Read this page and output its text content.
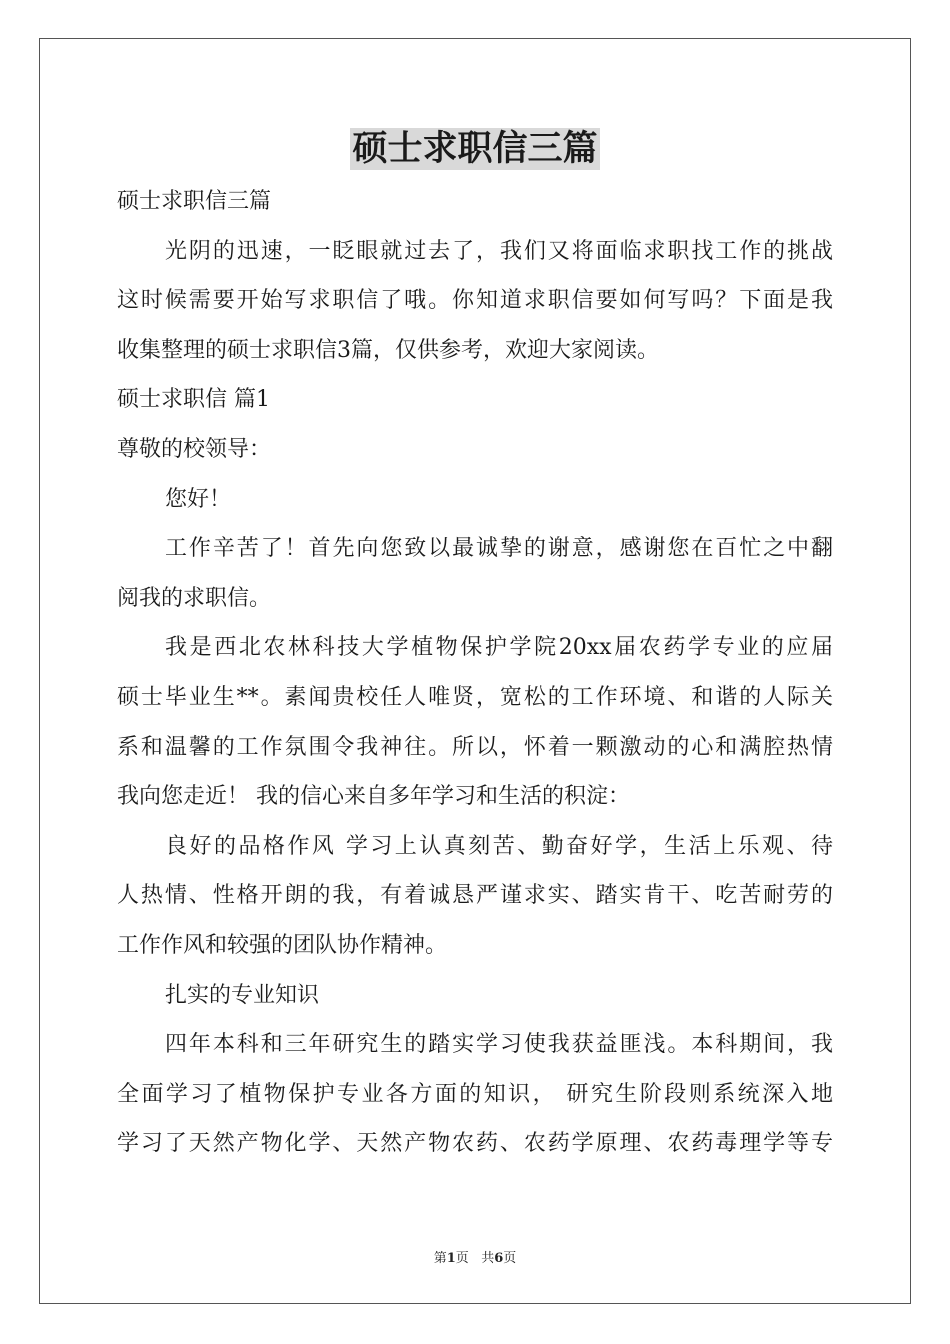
硕士求职信三篇
硕士求职信三篇
光阴的迅速，一眨眼就过去了，我们又将面临求职找工作的挑战
这时候需要开始写求职信了哦。你知道求职信要如何写吗？下面是我
收集整理的硕士求职信3篇，仅供参考，欢迎大家阅读。
硕士求职信 篇1
尊敬的校领导：
您好！
工作辛苦了！首先向您致以最诚挚的谢意，感谢您在百忙之中翻
阅我的求职信。
我是西北农林科技大学植物保护学院20xx届农药学专业的应届
硕士毕业生**。素闻贵校任人唯贤，宽松的工作环境、和谐的人际关
系和温馨的工作氛围令我神往。所以，怀着一颗激动的心和满腔热情
我向您走近！ 我的信心来自多年学习和生活的积淀：
良好的品格作风 学习上认真刻苦、勤奋好学，生活上乐观、待
人热情、性格开朗的我，有着诚恳严谨求实、踏实肯干、吃苦耐劳的
工作作风和较强的团队协作精神。
扎实的专业知识
四年本科和三年研究生的踏实学习使我获益匪浅。本科期间，我
全面学习了植物保护专业各方面的知识， 研究生阶段则系统深入地
学习了天然产物化学、天然产物农药、农药学原理、农药毒理学等专
第1页 共6页
